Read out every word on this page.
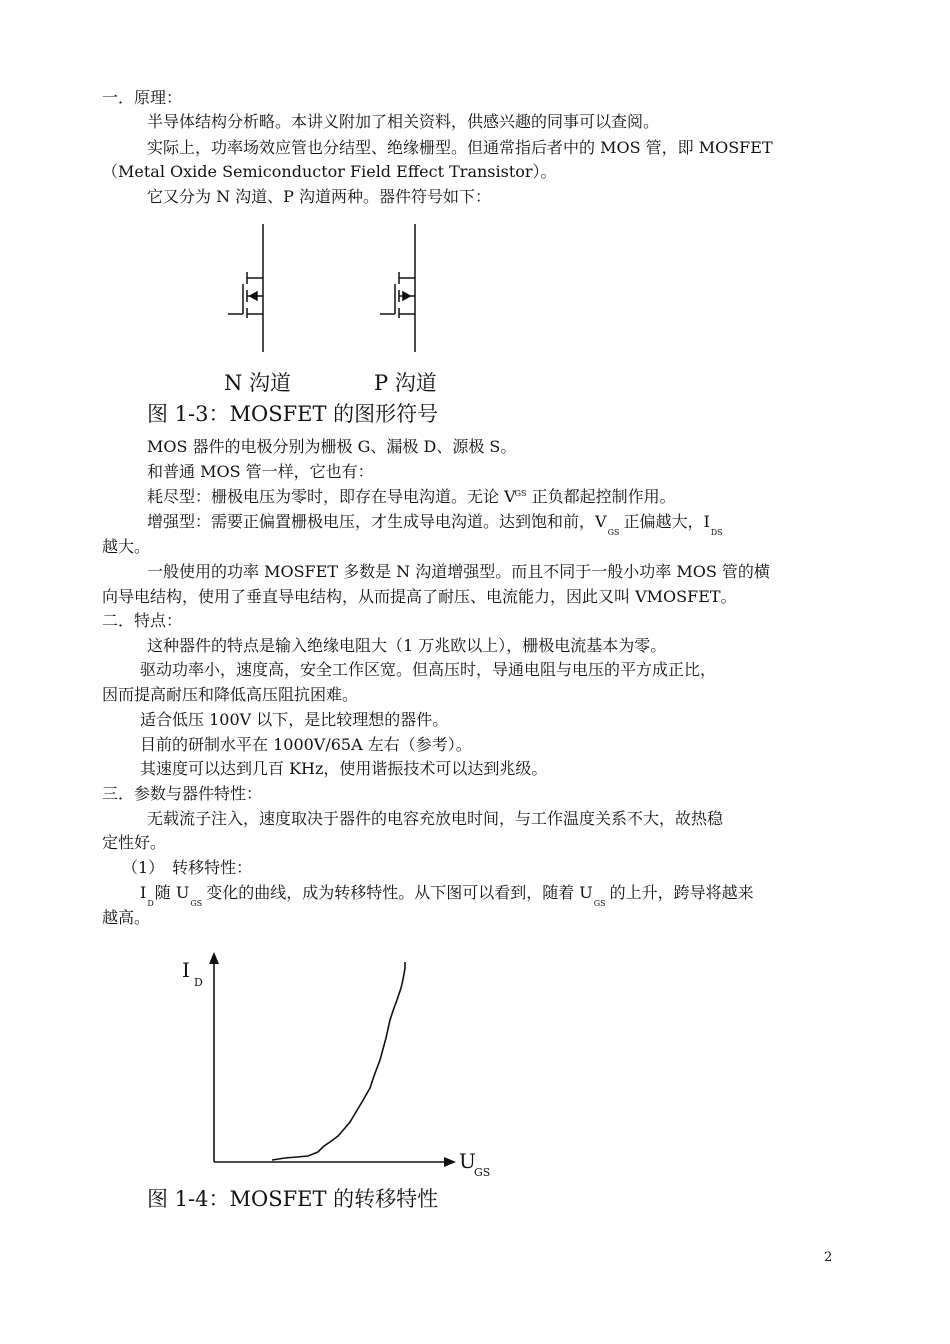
一．原理：
半导体结构分析略。本讲义附加了相关资料，供感兴趣的同事可以查阅。
实际上，功率场效应管也分结型、绝缘栅型。但通常指后者中的 MOS 管，即 MOSFET
（Metal Oxide Semiconductor Field Effect Transistor）。
它又分为 N 沟道、P 沟道两种。器件符号如下：
N 沟道	P 沟道
图 1-3：MOSFET 的图形符号
MOS 器件的电极分别为栅极 G、漏极 D、源极 S。
和普通 MOS 管一样，它也有：
耗尽型：栅极电压为零时，即存在导电沟道。无论 $V^{GS}$ 正负都起控制作用。
增强型：需要正偏置栅极电压，才生成导电沟道。达到饱和前，$V_{GS}$正偏越大，$I_{DS}$
越大。
一般使用的功率 MOSFET 多数是 N 沟道增强型。而且不同于一般小功率 MOS 管的横
向导电结构，使用了垂直导电结构，从而提高了耐压、电流能力，因此又叫 VMOSFET。
二．特点：
这种器件的特点是输入绝缘电阻大（1 万兆欧以上），栅极电流基本为零。
驱动功率小，速度高，安全工作区宽。但高压时，导通电阻与电压的平方成正比，
因而提高耐压和降低高压阻抗困难。
适合低压 100V 以下，是比较理想的器件。
目前的研制水平在 1000V/65A 左右（参考）。
其速度可以达到几百 KHz，使用谐振技术可以达到兆级。
三．参数与器件特性：
无载流子注入，速度取决于器件的电容充放电时间，与工作温度关系不大，故热稳
定性好。
（1）　转移特性：
$I_D$随 $U_{GS}$变化的曲线，成为转移特性。从下图可以看到，随着 $U_{GS}$的上升，跨导将越来
越高。
I
D
U
GS
图 1-4：MOSFET 的转移特性
2
